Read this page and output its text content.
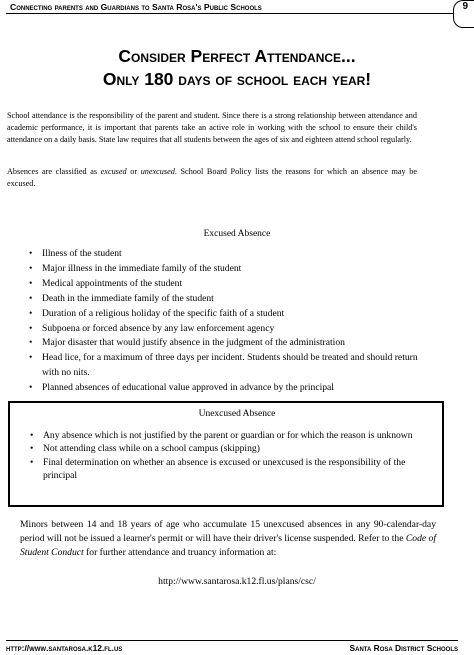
Connecting parents and Guardians to Santa Rosa's Public Schools	9
Consider Perfect Attendance...
Only 180 days of school each year!
School attendance is the responsibility of the parent and student. Since there is a strong relationship between attendance and academic performance, it is important that parents take an active role in working with the school to ensure their child's attendance on a daily basis. State law requires that all students between the ages of six and eighteen attend school regularly.
Absences are classified as excused or unexcused. School Board Policy lists the reasons for which an absence may be excused.
Excused Absence
• Illness of the student
• Major illness in the immediate family of the student
• Medical appointments of the student
• Death in the immediate family of the student
• Duration of a religious holiday of the specific faith of a student
• Subpoena or forced absence by any law enforcement agency
• Major disaster that would justify absence in the judgment of the administration
• Head lice, for a maximum of three days per incident. Students should be treated and should return with no nits.
• Planned absences of educational value approved in advance by the principal
Unexcused Absence
• Any absence which is not justified by the parent or guardian or for which the reason is unknown
• Not attending class while on a school campus (skipping)
• Final determination on whether an absence is excused or unexcused is the responsibility of the principal
Minors between 14 and 18 years of age who accumulate 15 unexcused absences in any 90-calendar-day period will not be issued a learner's permit or will have their driver's license suspended. Refer to the Code of Student Conduct for further attendance and truancy information at:
http://www.santarosa.k12.fl.us/plans/csc/
http://www.santarosa.k12.fl.us	Santa Rosa District Schools
